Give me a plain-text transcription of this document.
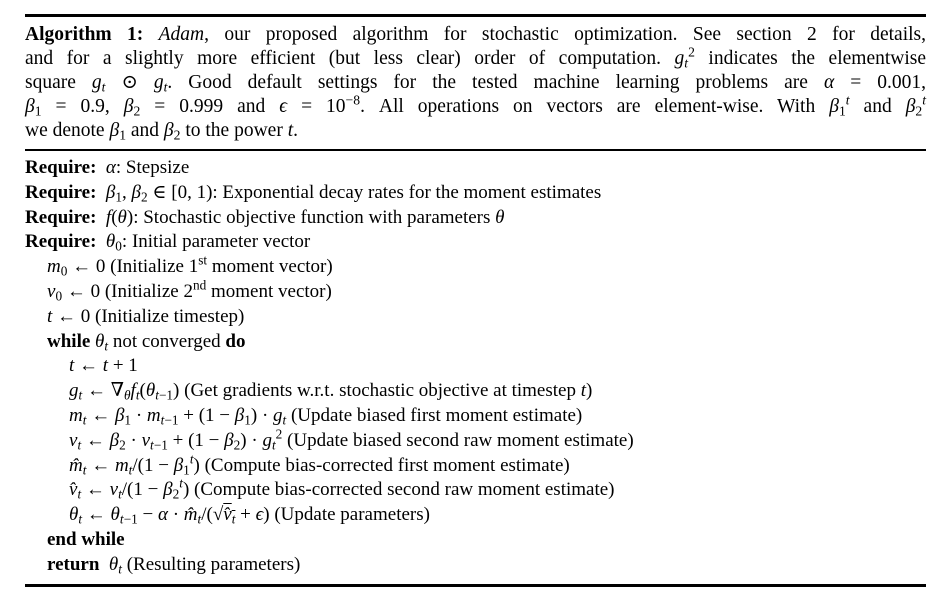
Algorithm 1: Adam, our proposed algorithm for stochastic optimization. See section 2 for details,
and for a slightly more efficient (but less clear) order of computation. $g_t^2$ indicates the elementwise
square $g_t$ ⊙ $g_t$. Good default settings for the tested machine learning problems are α = 0.001,
$\beta_1 = 0.9$, $\beta_2 = 0.999$ and $\epsilon = 10^{-8}$. All operations on vectors are element-wise. With $\beta_1^t$ and $\beta_2^t$
we denote $\beta_1$ and $\beta_2$ to the power t.
Require:  α: Stepsize
Require:  $\beta_1$, $\beta_2$ ∈ [0, 1): Exponential decay rates for the moment estimates
Require:  f(θ): Stochastic objective function with parameters θ
Require:  $\theta_0$: Initial parameter vector
$m_0$ ← 0 (Initialize 1st moment vector)
$v_0$ ← 0 (Initialize 2nd moment vector)
t ← 0 (Initialize timestep)
while $\theta_t$ not converged do
t ← t + 1
$g_t$ ← $\nabla_\theta f_t(\theta_{t-1})$ (Get gradients w.r.t. stochastic objective at timestep t)
$m_t$ ← $\beta_1 \cdot m_{t-1} + (1 - \beta_1) \cdot g_t$ (Update biased first moment estimate)
$v_t$ ← $\beta_2 \cdot v_{t-1} + (1 - \beta_2) \cdot g_t^2$ (Update biased second raw moment estimate)
$m̂_t$ ← $m_t/(1 - \beta_1^t)$ (Compute bias-corrected first moment estimate)
$v̂_t$ ← $v_t/(1 - \beta_2^t)$ (Compute bias-corrected second raw moment estimate)
$\theta_t$ ← $\theta_{t-1} - \alpha$ · $m̂_t/(√v̂_t + \epsilon)$ (Update parameters)
end while
return  $\theta_t$ (Resulting parameters)
